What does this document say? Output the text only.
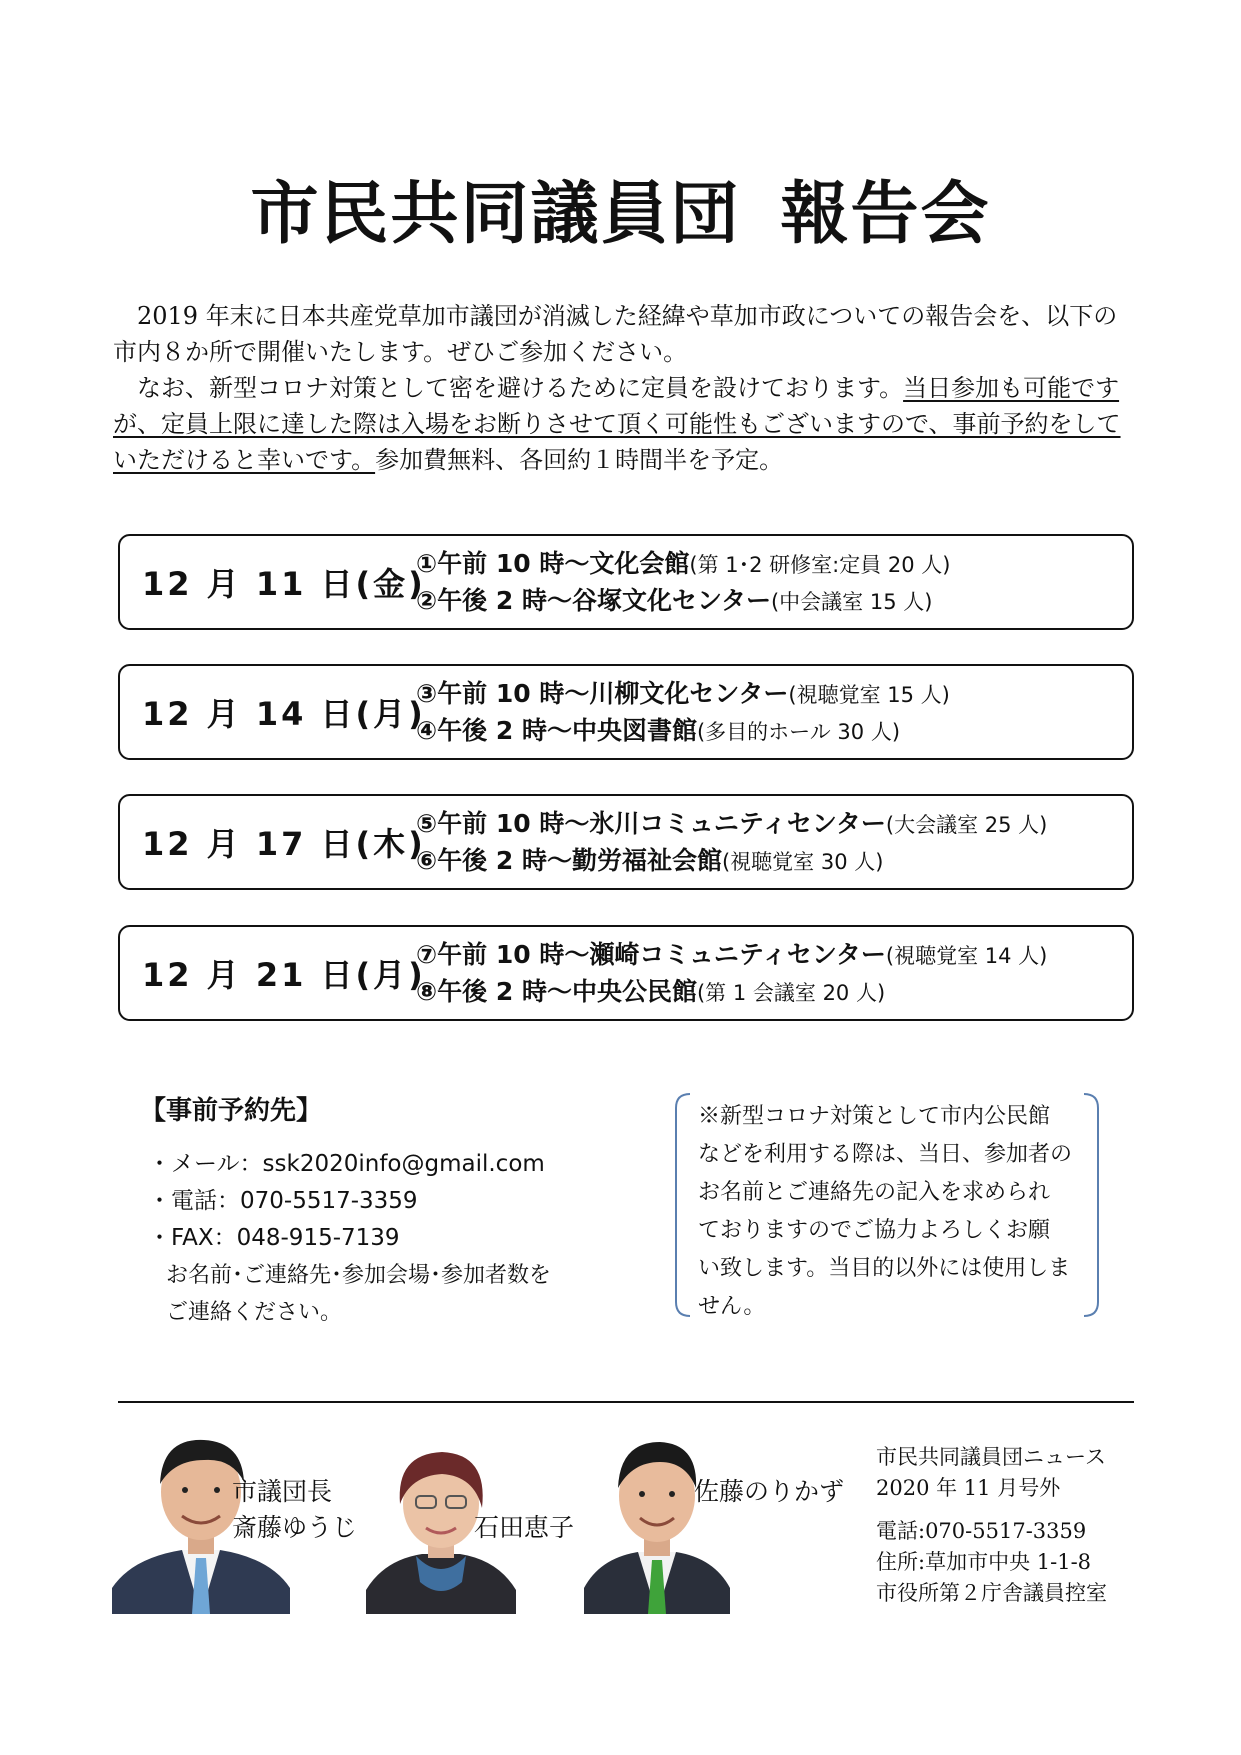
市民共同議員団 報告会

2019 年末に日本共産党草加市議団が消滅した経緯や草加市政についての報告会を、以下の市内８か所で開催いたします。ぜひご参加ください。

なお、新型コロナ対策として密を避けるために定員を設けております。当日参加も可能ですが、定員上限に達した際は入場をお断りさせて頂く可能性もございますので、事前予約をしていただけると幸いです。参加費無料、各回約１時間半を予定。

12 月 11 日(金)
①午前 10 時～文化会館(第 1･2 研修室:定員 20 人)
②午後 2 時～谷塚文化センター(中会議室 15 人)
12 月 14 日(月)
③午前 10 時～川柳文化センター(視聴覚室 15 人)
④午後 2 時～中央図書館(多目的ホール 30 人)
12 月 17 日(木)
⑤午前 10 時～氷川コミュニティセンター(大会議室 25 人)
⑥午後 2 時～勤労福祉会館(視聴覚室 30 人)
12 月 21 日(月)
⑦午前 10 時～瀬崎コミュニティセンター(視聴覚室 14 人)
⑧午後 2 時～中央公民館(第 1 会議室 20 人)
【事前予約先】
・メール：ssk2020info@gmail.com
・電話：070-5517-3359
・FAX：048-915-7139
お名前･ご連絡先･参加会場･参加者数を
ご連絡ください。
※新型コロナ対策として市内公民館
などを利用する際は、当日、参加者の
お名前とご連絡先の記入を求められ
ておりますのでご協力よろしくお願
い致します。当目的以外には使用しま
せん。
市議団長
斎藤ゆうじ	石田恵子
佐藤のりかず
市民共同議員団ニュース
2020 年 11 月号外
電話:070-5517-3359
住所:草加市中央 1-1-8
市役所第２庁舎議員控室
